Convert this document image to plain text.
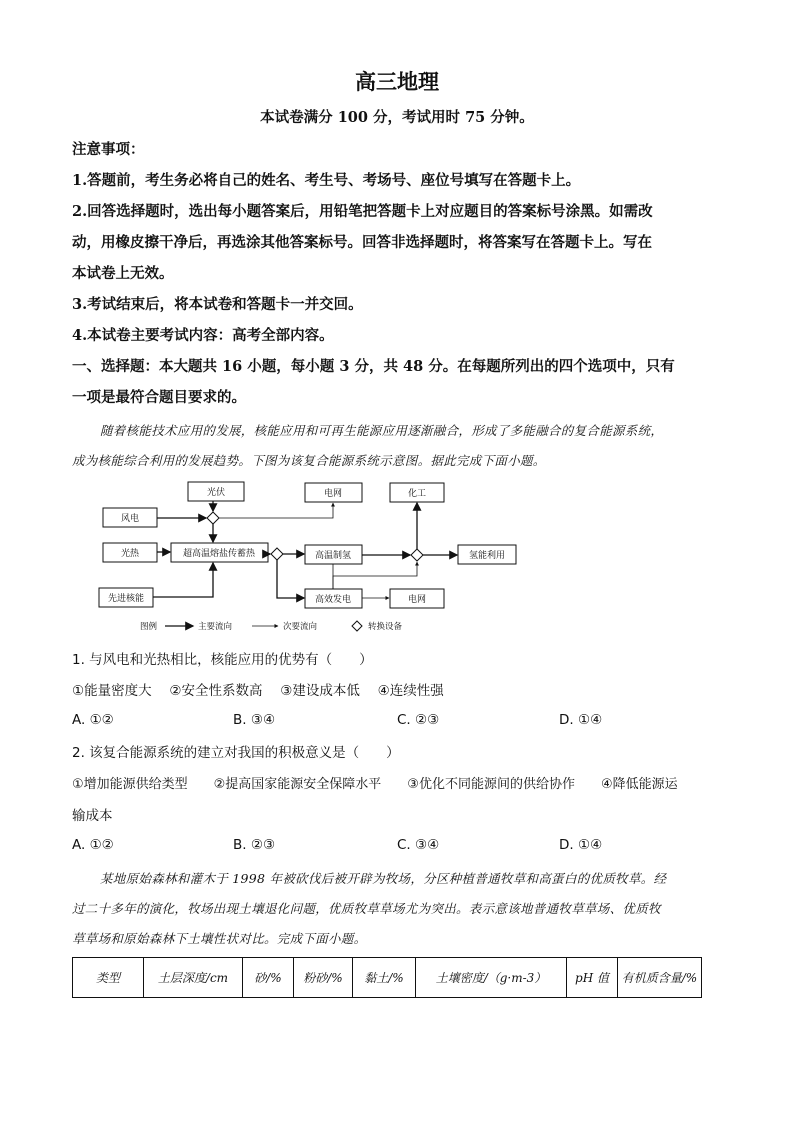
高三地理
本试卷满分 100 分，考试用时 75 分钟。
注意事项：
1.答题前，考生务必将自己的姓名、考生号、考场号、座位号填写在答题卡上。
2.回答选择题时，选出每小题答案后，用铅笔把答题卡上对应题目的答案标号涂黑。如需改
动，用橡皮擦干净后，再选涂其他答案标号。回答非选择题时，将答案写在答题卡上。写在
本试卷上无效。
3.考试结束后，将本试卷和答题卡一并交回。
4.本试卷主要考试内容：高考全部内容。
一、选择题：本大题共 16 小题，每小题 3 分，共 48 分。在每题所列出的四个选项中，只有
一项是最符合题目要求的。
随着核能技术应用的发展，核能应用和可再生能源应用逐渐融合，形成了多能融合的复合能源系统，
成为核能综合利用的发展趋势。下图为该复合能源系统示意图。据此完成下面小题。
光伏
风电
光热
先进核能
超高温熔盐传蓄热
电网	化工
高温制氢	氢能利用
高效发电	电网
图例	主要流向	次要流向	转换设备
1. 与风电和光热相比，核能应用的优势有（　　）
①能量密度大　 ②安全性系数高　 ③建设成本低　 ④连续性强
A. ①②	B. ③④	C. ②③	D. ①④
2. 该复合能源系统的建立对我国的积极意义是（　　）
①增加能源供给类型　　②提高国家能源安全保障水平　　③优化不同能源间的供给协作　　④降低能源运
输成本
A. ①②	B. ②③	C. ③④	D. ①④
某地原始森林和灌木于 1998 年被砍伐后被开辟为牧场，分区种植普通牧草和高蛋白的优质牧草。经
过二十多年的演化，牧场出现土壤退化问题，优质牧草草场尤为突出。表示意该地普通牧草草场、优质牧
草草场和原始森林下土壤性状对比。完成下面小题。
类型	土层深度/cm	砂/%	粉砂/%	黏土/%	土壤密度/（g·m-3）	pH 值	有机质含量/%
